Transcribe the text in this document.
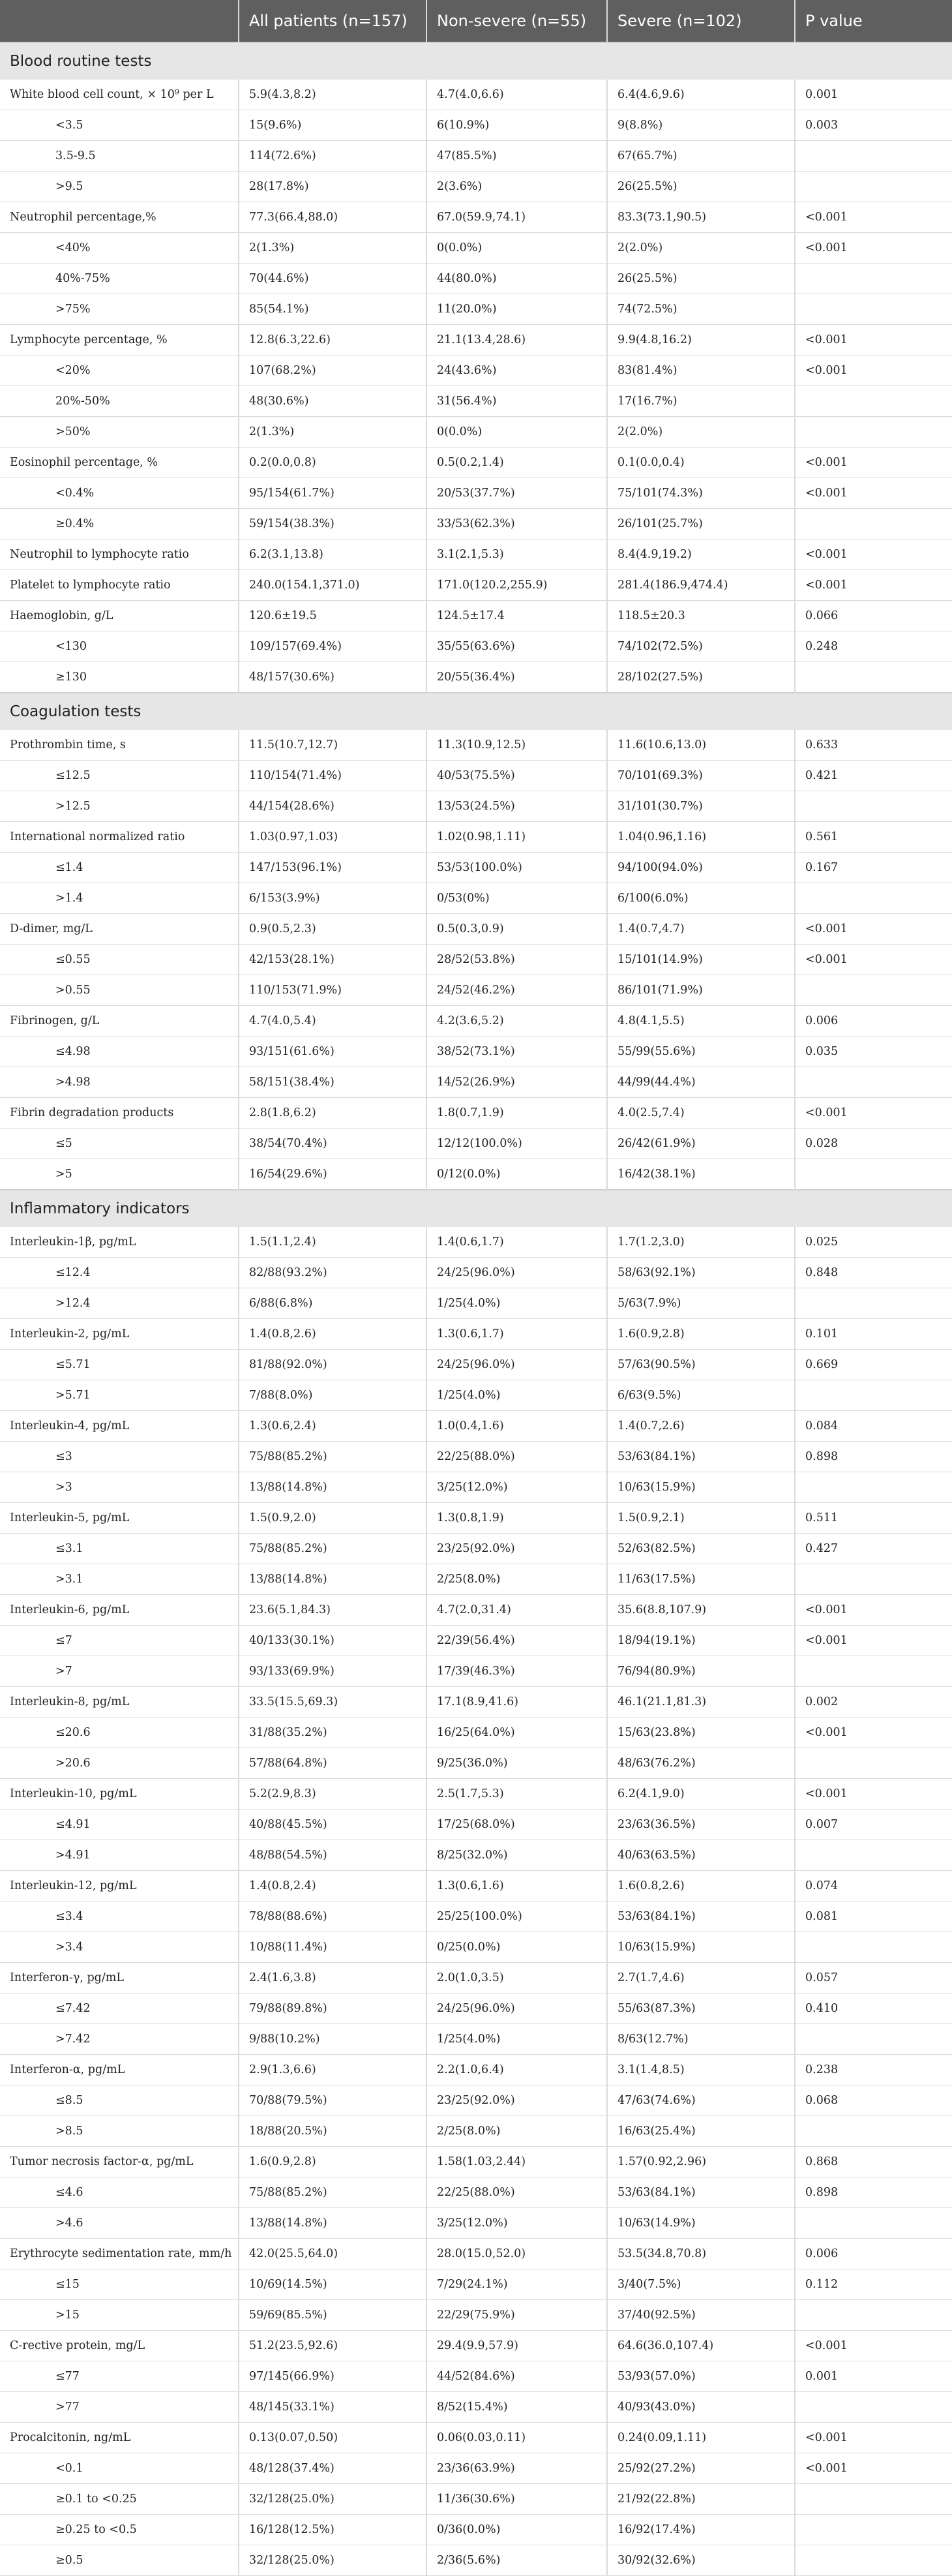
	All patients (n=157)	Non-severe (n=55)	Severe (n=102)	P value
Blood routine tests				
White blood cell count, × 10⁹ per L	5.9(4.3,8.2)	4.7(4.0,6.6)	6.4(4.6,9.6)	0.001
<3.5	15(9.6%)	6(10.9%)	9(8.8%)	0.003
3.5-9.5	114(72.6%)	47(85.5%)	67(65.7%)	
>9.5	28(17.8%)	2(3.6%)	26(25.5%)	
Neutrophil percentage,%	77.3(66.4,88.0)	67.0(59.9,74.1)	83.3(73.1,90.5)	<0.001
<40%	2(1.3%)	0(0.0%)	2(2.0%)	<0.001
40%-75%	70(44.6%)	44(80.0%)	26(25.5%)	
>75%	85(54.1%)	11(20.0%)	74(72.5%)	
Lymphocyte percentage, %	12.8(6.3,22.6)	21.1(13.4,28.6)	9.9(4.8,16.2)	<0.001
<20%	107(68.2%)	24(43.6%)	83(81.4%)	<0.001
20%-50%	48(30.6%)	31(56.4%)	17(16.7%)	
>50%	2(1.3%)	0(0.0%)	2(2.0%)	
Eosinophil percentage, %	0.2(0.0,0.8)	0.5(0.2,1.4)	0.1(0.0,0.4)	<0.001
<0.4%	95/154(61.7%)	20/53(37.7%)	75/101(74.3%)	<0.001
≥0.4%	59/154(38.3%)	33/53(62.3%)	26/101(25.7%)	
Neutrophil to lymphocyte ratio	6.2(3.1,13.8)	3.1(2.1,5.3)	8.4(4.9,19.2)	<0.001
Platelet to lymphocyte ratio	240.0(154.1,371.0)	171.0(120.2,255.9)	281.4(186.9,474.4)	<0.001
Haemoglobin, g/L	120.6±19.5	124.5±17.4	118.5±20.3	0.066
<130	109/157(69.4%)	35/55(63.6%)	74/102(72.5%)	0.248
≥130	48/157(30.6%)	20/55(36.4%)	28/102(27.5%)	
Coagulation tests				
Prothrombin time, s	11.5(10.7,12.7)	11.3(10.9,12.5)	11.6(10.6,13.0)	0.633
≤12.5	110/154(71.4%)	40/53(75.5%)	70/101(69.3%)	0.421
>12.5	44/154(28.6%)	13/53(24.5%)	31/101(30.7%)	
International normalized ratio	1.03(0.97,1.03)	1.02(0.98,1.11)	1.04(0.96,1.16)	0.561
≤1.4	147/153(96.1%)	53/53(100.0%)	94/100(94.0%)	0.167
>1.4	6/153(3.9%)	0/53(0%)	6/100(6.0%)	
D-dimer, mg/L	0.9(0.5,2.3)	0.5(0.3,0.9)	1.4(0.7,4.7)	<0.001
≤0.55	42/153(28.1%)	28/52(53.8%)	15/101(14.9%)	<0.001
>0.55	110/153(71.9%)	24/52(46.2%)	86/101(71.9%)	
Fibrinogen, g/L	4.7(4.0,5.4)	4.2(3.6,5.2)	4.8(4.1,5.5)	0.006
≤4.98	93/151(61.6%)	38/52(73.1%)	55/99(55.6%)	0.035
>4.98	58/151(38.4%)	14/52(26.9%)	44/99(44.4%)	
Fibrin degradation products	2.8(1.8,6.2)	1.8(0.7,1.9)	4.0(2.5,7.4)	<0.001
≤5	38/54(70.4%)	12/12(100.0%)	26/42(61.9%)	0.028
>5	16/54(29.6%)	0/12(0.0%)	16/42(38.1%)	
Inflammatory indicators				
Interleukin-1β, pg/mL	1.5(1.1,2.4)	1.4(0.6,1.7)	1.7(1.2,3.0)	0.025
≤12.4	82/88(93.2%)	24/25(96.0%)	58/63(92.1%)	0.848
>12.4	6/88(6.8%)	1/25(4.0%)	5/63(7.9%)	
Interleukin-2, pg/mL	1.4(0.8,2.6)	1.3(0.6,1.7)	1.6(0.9,2.8)	0.101
≤5.71	81/88(92.0%)	24/25(96.0%)	57/63(90.5%)	0.669
>5.71	7/88(8.0%)	1/25(4.0%)	6/63(9.5%)	
Interleukin-4, pg/mL	1.3(0.6,2.4)	1.0(0.4,1.6)	1.4(0.7,2.6)	0.084
≤3	75/88(85.2%)	22/25(88.0%)	53/63(84.1%)	0.898
>3	13/88(14.8%)	3/25(12.0%)	10/63(15.9%)	
Interleukin-5, pg/mL	1.5(0.9,2.0)	1.3(0.8,1.9)	1.5(0.9,2.1)	0.511
≤3.1	75/88(85.2%)	23/25(92.0%)	52/63(82.5%)	0.427
>3.1	13/88(14.8%)	2/25(8.0%)	11/63(17.5%)	
Interleukin-6, pg/mL	23.6(5.1,84.3)	4.7(2.0,31.4)	35.6(8.8,107.9)	<0.001
≤7	40/133(30.1%)	22/39(56.4%)	18/94(19.1%)	<0.001
>7	93/133(69.9%)	17/39(46.3%)	76/94(80.9%)	
Interleukin-8, pg/mL	33.5(15.5,69.3)	17.1(8.9,41.6)	46.1(21.1,81.3)	0.002
≤20.6	31/88(35.2%)	16/25(64.0%)	15/63(23.8%)	<0.001
>20.6	57/88(64.8%)	9/25(36.0%)	48/63(76.2%)	
Interleukin-10, pg/mL	5.2(2.9,8.3)	2.5(1.7,5.3)	6.2(4.1,9.0)	<0.001
≤4.91	40/88(45.5%)	17/25(68.0%)	23/63(36.5%)	0.007
>4.91	48/88(54.5%)	8/25(32.0%)	40/63(63.5%)	
Interleukin-12, pg/mL	1.4(0.8,2.4)	1.3(0.6,1.6)	1.6(0.8,2.6)	0.074
≤3.4	78/88(88.6%)	25/25(100.0%)	53/63(84.1%)	0.081
>3.4	10/88(11.4%)	0/25(0.0%)	10/63(15.9%)	
Interferon-γ, pg/mL	2.4(1.6,3.8)	2.0(1.0,3.5)	2.7(1.7,4.6)	0.057
≤7.42	79/88(89.8%)	24/25(96.0%)	55/63(87.3%)	0.410
>7.42	9/88(10.2%)	1/25(4.0%)	8/63(12.7%)	
Interferon-α, pg/mL	2.9(1.3,6.6)	2.2(1.0,6.4)	3.1(1.4,8.5)	0.238
≤8.5	70/88(79.5%)	23/25(92.0%)	47/63(74.6%)	0.068
>8.5	18/88(20.5%)	2/25(8.0%)	16/63(25.4%)	
Tumor necrosis factor-α, pg/mL	1.6(0.9,2.8)	1.58(1.03,2.44)	1.57(0.92,2.96)	0.868
≤4.6	75/88(85.2%)	22/25(88.0%)	53/63(84.1%)	0.898
>4.6	13/88(14.8%)	3/25(12.0%)	10/63(14.9%)	
Erythrocyte sedimentation rate, mm/h	42.0(25.5,64.0)	28.0(15.0,52.0)	53.5(34.8,70.8)	0.006
≤15	10/69(14.5%)	7/29(24.1%)	3/40(7.5%)	0.112
>15	59/69(85.5%)	22/29(75.9%)	37/40(92.5%)	
C-rective protein, mg/L	51.2(23.5,92.6)	29.4(9.9,57.9)	64.6(36.0,107.4)	<0.001
≤77	97/145(66.9%)	44/52(84.6%)	53/93(57.0%)	0.001
>77	48/145(33.1%)	8/52(15.4%)	40/93(43.0%)	
Procalcitonin, ng/mL	0.13(0.07,0.50)	0.06(0.03,0.11)	0.24(0.09,1.11)	<0.001
<0.1	48/128(37.4%)	23/36(63.9%)	25/92(27.2%)	<0.001
≥0.1 to <0.25	32/128(25.0%)	11/36(30.6%)	21/92(22.8%)	
≥0.25 to <0.5	16/128(12.5%)	0/36(0.0%)	16/92(17.4%)	
≥0.5	32/128(25.0%)	2/36(5.6%)	30/92(32.6%)	
